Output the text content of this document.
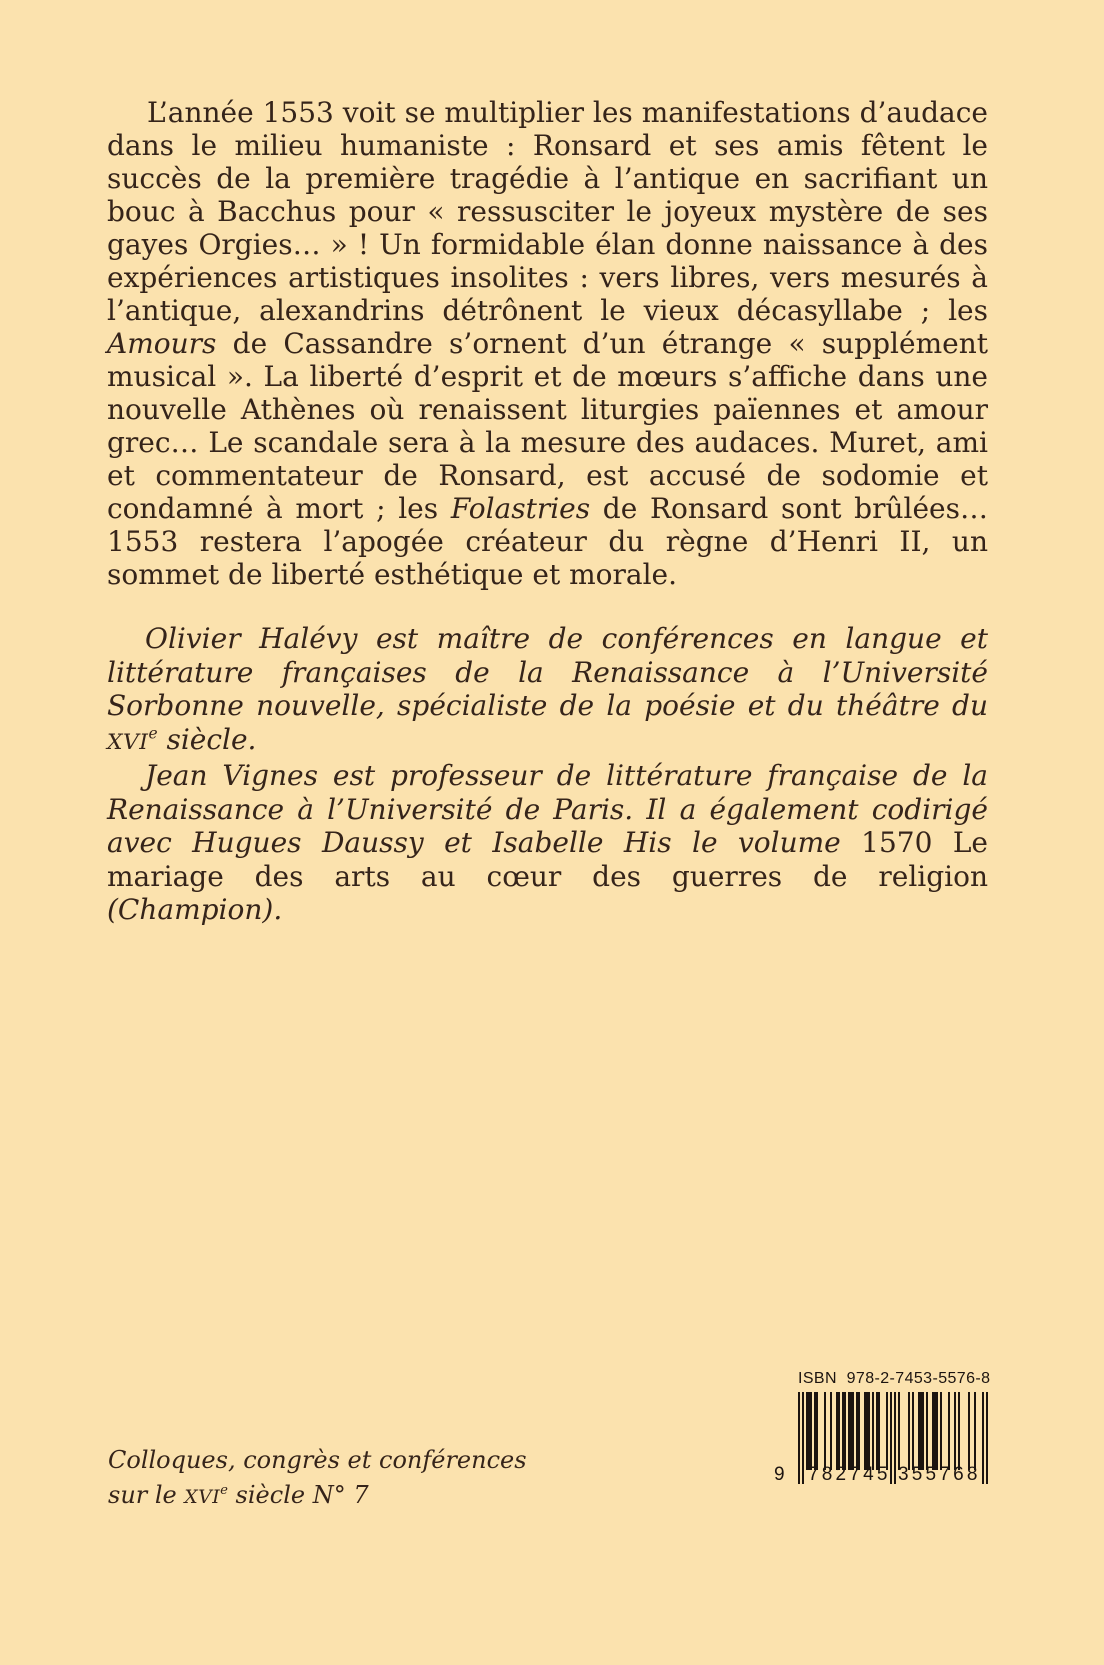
L’année 1553 voit se multiplier les manifestations d’audace dans le milieu humaniste : Ronsard et ses amis fêtent le succès de la première tragédie à l’antique en sacrifiant un bouc à Bacchus pour « ressusciter le joyeux mystère de ses gayes Orgies… » ! Un formidable élan donne naissance à des expériences artistiques insolites : vers libres, vers mesurés à l’antique, alexandrins détrônent le vieux décasyllabe ; les Amours de Cassandre s’ornent d’un étrange « supplément musical ». La liberté d’esprit et de mœurs s’affiche dans une nouvelle Athènes où renaissent liturgies païennes et amour grec… Le scandale sera à la mesure des audaces. Muret, ami et commentateur de Ronsard, est accusé de sodomie et condamné à mort ; les Folastries de Ronsard sont brûlées… 1553 restera l’apogée créateur du règne d’Henri II, un sommet de liberté esthétique et morale.

Olivier Halévy est maître de conférences en langue et littérature françaises de la Renaissance à l’Université Sorbonne nouvelle, spécialiste de la poésie et du théâtre du XVIe siècle.

Jean Vignes est professeur de littérature française de la Renaissance à l’Université de Paris. Il a également codirigé avec Hugues Daussy et Isabelle His le volume 1570 Le mariage des arts au cœur des guerres de religion (Champion).

Colloques, congrès et conférences
sur le XVIe siècle N° 7
ISBN  978-2-7453-5576-8
9 782745 355768
